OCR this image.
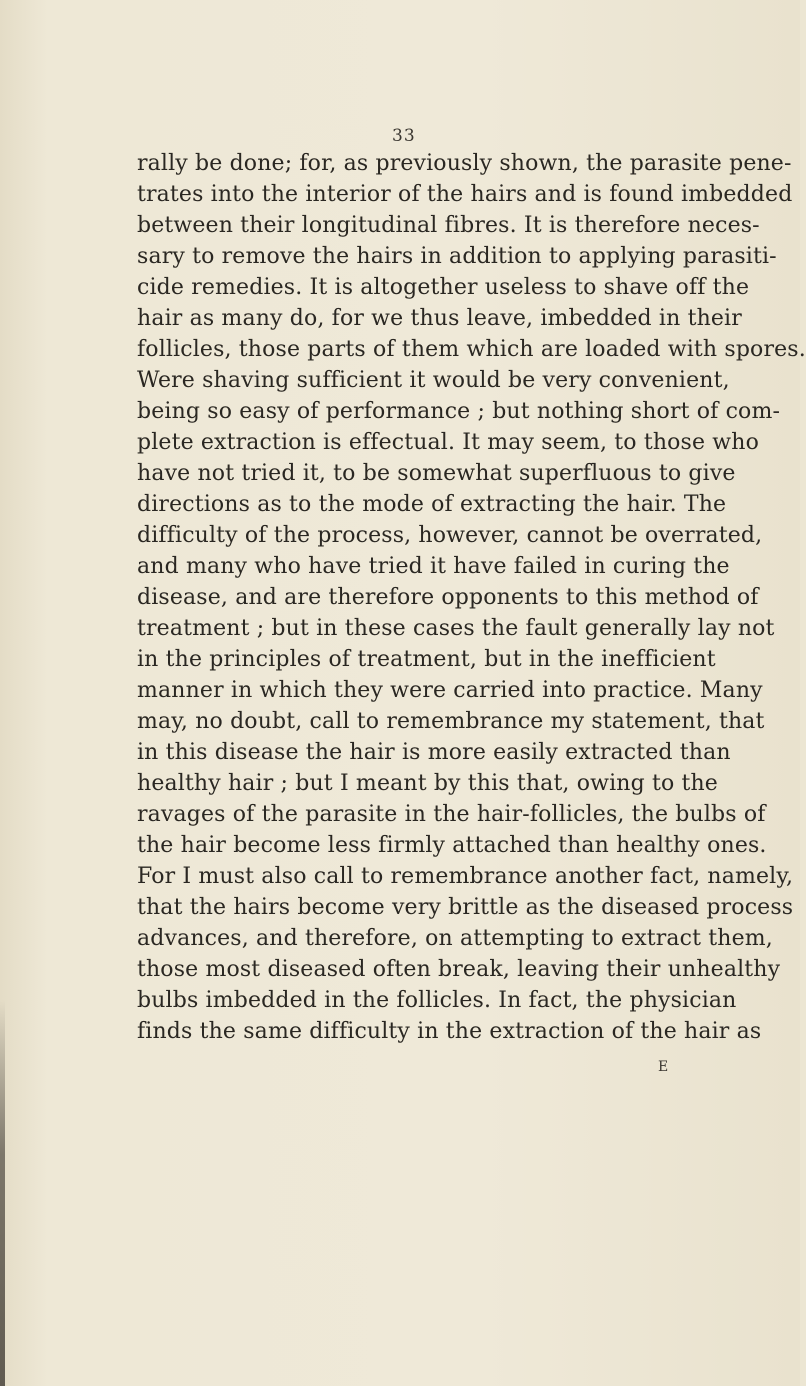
33
rally be done; for, as previously shown, the parasite pene-
trates into the interior of the hairs and is found imbedded
between their longitudinal fibres. It is therefore neces-
sary to remove the hairs in addition to applying parasiti-
cide remedies. It is altogether useless to shave off the
hair as many do, for we thus leave, imbedded in their
follicles, those parts of them which are loaded with spores.
Were shaving sufficient it would be very convenient,
being so easy of performance ; but nothing short of com-
plete extraction is effectual. It may seem, to those who
have not tried it, to be somewhat superfluous to give
directions as to the mode of extracting the hair. The
difficulty of the process, however, cannot be overrated,
and many who have tried it have failed in curing the
disease, and are therefore opponents to this method of
treatment ; but in these cases the fault generally lay not
in the principles of treatment, but in the inefficient
manner in which they were carried into practice. Many
may, no doubt, call to remembrance my statement, that
in this disease the hair is more easily extracted than
healthy hair ; but I meant by this that, owing to the
ravages of the parasite in the hair-follicles, the bulbs of
the hair become less firmly attached than healthy ones.
For I must also call to remembrance another fact, namely,
that the hairs become very brittle as the diseased process
advances, and therefore, on attempting to extract them,
those most diseased often break, leaving their unhealthy
bulbs imbedded in the follicles. In fact, the physician
finds the same difficulty in the extraction of the hair as
E
